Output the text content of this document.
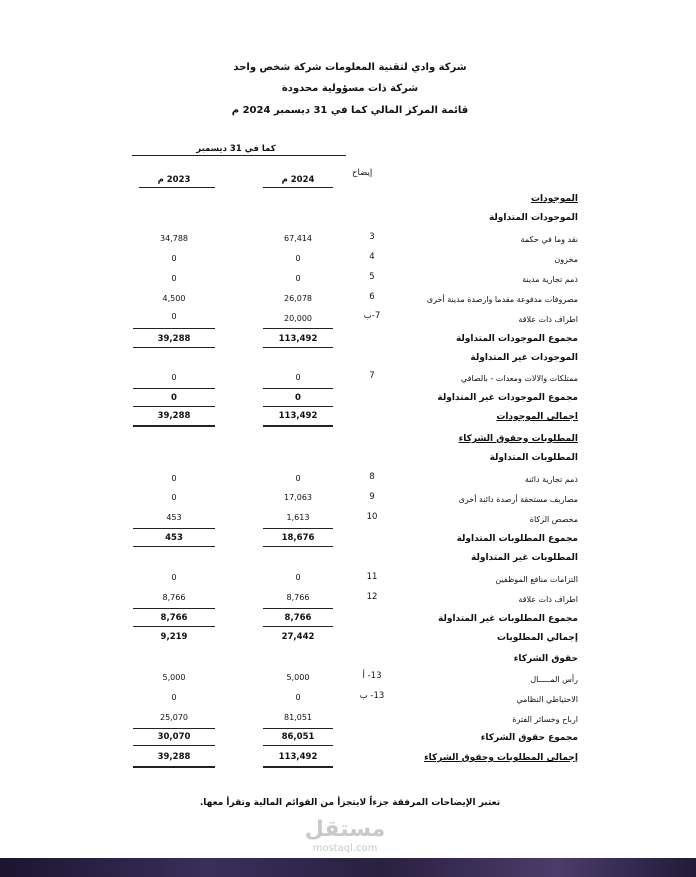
شركة وادي لتقنية المعلومات شركة شخص واحد
شركة ذات مسؤولية محدودة
قائمة المركز المالي كما في 31 ديسمبر 2024 م
كما في 31 ديسمبر
إيضاح
2024 م
2023 م
الموجودات
الموجودات المتداولة
نقد وما في حكمة
3
67,414
34,788
مخزون
4
0
0
ذمم تجارية مدينة
5
0
0
مصروفات مدفوعة مقدما وارصدة مدينة أخرى
6
26,078
4,500
اطراف ذات علاقة
7-ب
20,000
0
مجموع الموجودات المتداولة
113,492
39,288
الموجودات غير المتداولة
ممتلكات والالات ومعدات - بالصافي
7
0
0
مجموع الموجودات غير المتداولة
0
0
اجمالي الموجودات
113,492
39,288
المطلوبات وحقوق الشركاء
المطلوبات المتداولة
ذمم تجارية دائنة
8
0
0
مصاريف مستحقة أرصدة دائنة أخرى
9
17,063
0
مخصص الزكاة
10
1,613
453
مجموع المطلوبات المتداولة
18,676
453
المطلوبات غير المتداولة
التزامات منافع الموظفين
11
0
0
اطراف ذات علاقة
12
8,766
8,766
مجموع المطلوبات غير المتداولة
8,766
8,766
إجمالي المطلوبات
27,442
9,219
حقوق الشركاء
رأس المـــــال
13- أ
5,000
5,000
الاحتياطي النظامي
13- ب
0
0
ارباح وخسائر الفترة
81,051
25,070
مجموع حقوق الشركاء
86,051
30,070
إجمالي المطلوبات وحقوق الشركاء
113,492
39,288
تعتبر الإيضاحات المرفقة جزءاً لايتجزأ من القوائم المالية وتقرأ معها.
مستقل
mostaql.com
